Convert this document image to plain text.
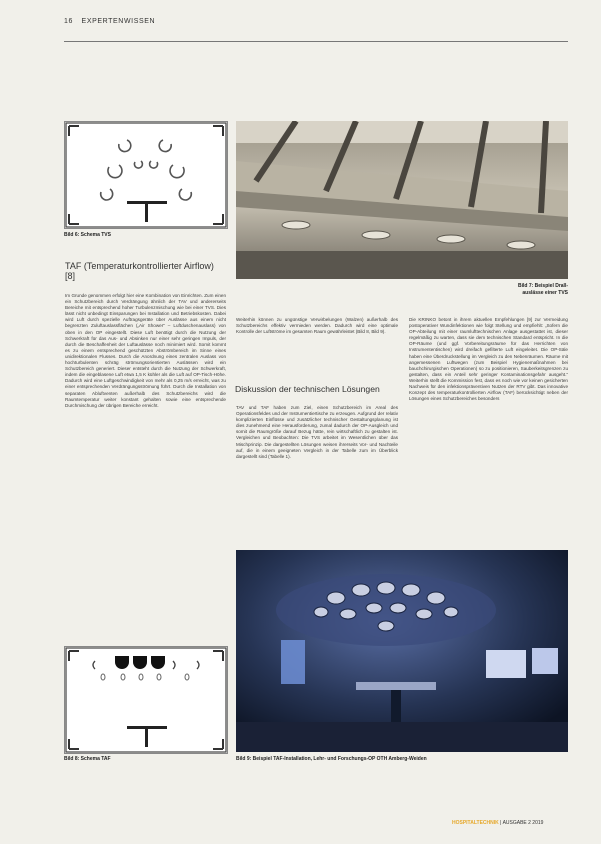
16 EXPERTENWISSEN
Bild 6: Schema TVS
Bild 7: Beispiel Drall-auslässe einer TVS
TAF (Temperaturkontrollierter Airflow) [8]
Im Grunde genommen erfolgt hier eine Kombination von Einrichten. Zum einen ein Schutzbereich durch Verdrängung ähnlich der TAV und andererseits Bereiche mit entsprechend hoher Turbulenzmischung wie bei einer TVS. Dies lässt nicht unbedingt Einsparungen bei Installation und Betriebskosten. Dabei wird Luft durch spezielle Auftragsgeräte über Auslässe aus einem nicht begrenzten Zuluftauslassflächen („Air Shower“ – Luftduschenauslass) von oben in den OP eingestellt. Diese Luft benötigt durch die Nutzung der Schwerkraft für das Aus- und Absinken nur einer sehr geringen Impuls, der durch die Beschaffenheit der Luftauslässe noch minimiert wird. Somit kommt es zu einem entsprechend geschützten Abströmbereich im Sinne eines unidirektionalen Flusses. Durch die Anordnung eines zentralen Auslass von hochturbulenten schräg strömungsorientierten Auslässen wird ein Schutzbereich generiert. Dieser entsteht durch die Nutzung der Schwerkraft, indem die eingeblasene Luft etwa 1,5 K kühler als die Luft auf OP-Tisch-Höhe. Dadurch wird eine Luftgeschwindigkeit von mehr als 0,25 m/s erreicht, was zu einer entsprechenden Verdrängungsströmung führt. Durch die Installation von separaten Abluftventen außerhalb des Schutzbereichs wird die Raumtemperatur weiter konstant gehalten sowie eine entsprechende Durchmischung der übrigen Bereiche erreicht.
Weiterhin können zu ungünstige Verwirbelungen (Walzen) außerhalb des Schutzbereichs effektiv vermieden werden. Dadurch wird eine optimale Kontrolle der Luftströme im gesamten Raum gewährleistet (Bild 8, Bild 9).
Diskussion der technischen Lösungen
TAV und TAF haben zum Ziel, einen Schutzbereich im Areal des Operationsfeldes und der Instrumentiertische zu erzeugen. Aufgrund der relativ komplizierten Einflüsse und zusätzlicher technischer Gestaltungsplanung ist dies zunehmend eine Herausforderung, zumal dadurch der OP-Ausgleich und somit die Raumgröße darauf Bezug hätte, rein wirtschaftlich zu gestalten ist. Vergleichen und Beobachten: Die TVS arbeitet im Wesentlichen über das Mischprinzip. Die dargestellten Lösungen weisen ihrerseits Vor- und Nachteile auf, die in einem geeigneten Vergleich in der Tabelle zum im Überblick dargestellt sind (Tabelle 1).
Die KRINKO betont in ihrem aktuellen Empfehlungen [9] zur Vermeidung postoperativer Wundinfektionen wie folgt Stellung und empfiehlt: „Sofern die OP-Abteilung mit einer raumlufttechnischen Anlage ausgestattet ist, dieser regelmäßig zu warten, dass sie dem technischen Standard entspricht. In die OP-Räume (und ggf. Vorbereitungsräume für das Herrichten von Instrumententischen) wird dreifach gefilterte Luft eingeleitet. Die OP-Säle haben eine Überdruckstellung im Vergleich zu den Nebenräumen. Räume mit angemessenen Luftwegen (zum Beispiel Hygienemaßnahmen bei bauchchirurgischen Operationen) so zu positionieren, Sauberkeitsgrenzen zu gestalten, dass ein Anteil sehr geringer Kontaminationsgefahr ausgeht.“ Weiterhin stellt die Kommission fest, dass es noch wie vor keinen gesicherten Nachweis für den infektionspräventiven Nutzen der RTV gibt. Das innovative Konzept des temperaturkontrollierten Airflow (TAF) berücksichtigt neben der Lösungen eines Schutzbereiches besonders
Bild 8: Schema TAF	Bild 9: Beispiel TAF-Installation, Lehr- und Forschungs-OP OTH Amberg-Weiden
HOSPITALTECHNIK | AUSGABE 2 2019
